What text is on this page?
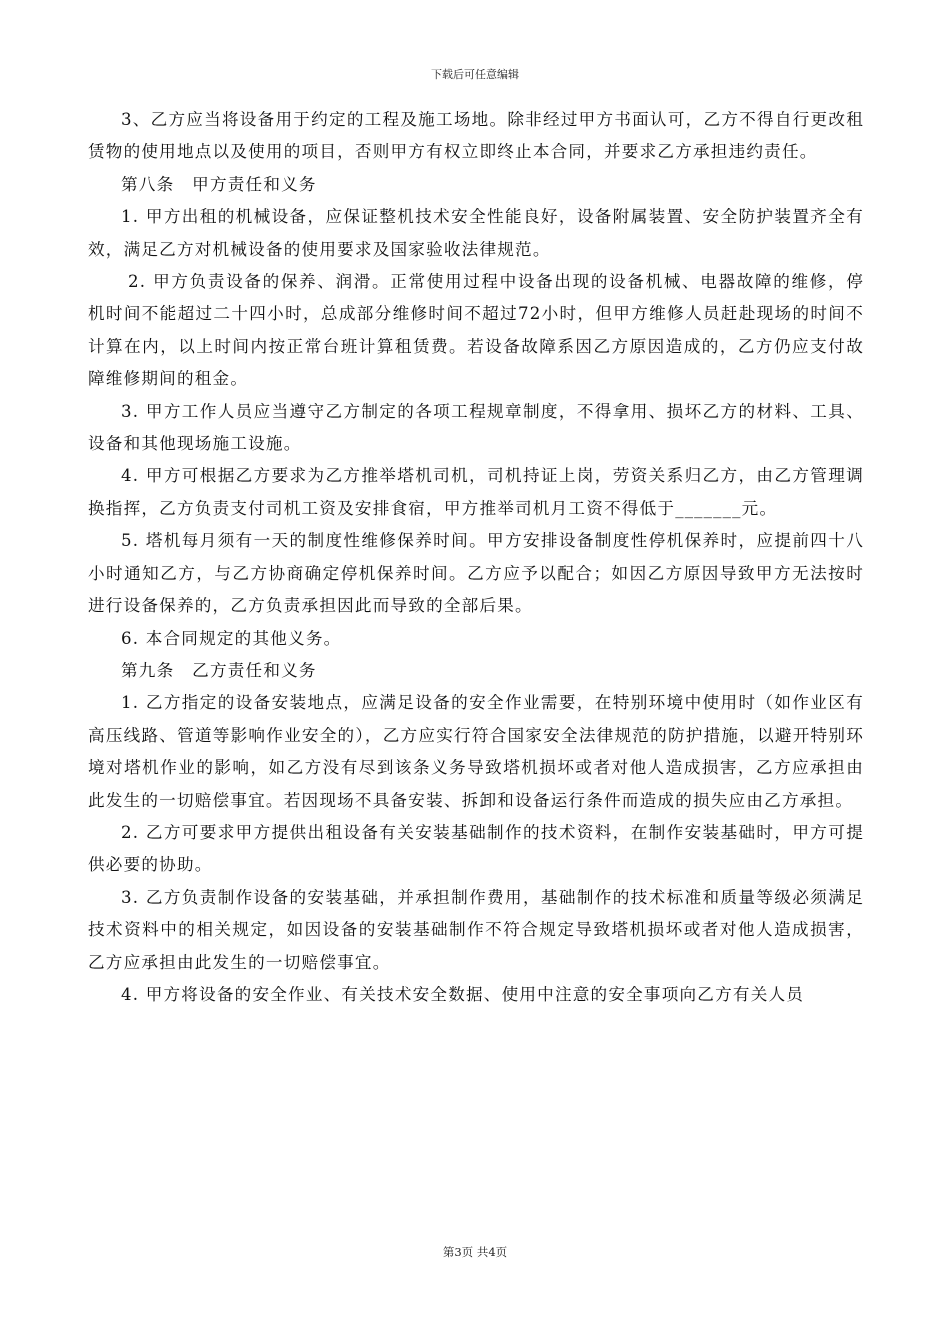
下载后可任意编辑

3、乙方应当将设备用于约定的工程及施工场地。除非经过甲方书面认可，乙方不得自行更改租赁物的使用地点以及使用的项目，否则甲方有权立即终止本合同，并要求乙方承担违约责任。

第八条　甲方责任和义务

1. 甲方出租的机械设备，应保证整机技术安全性能良好，设备附属装置、安全防护装置齐全有效，满足乙方对机械设备的使用要求及国家验收法律规范。

2. 甲方负责设备的保养、润滑。正常使用过程中设备出现的设备机械、电器故障的维修，停机时间不能超过二十四小时，总成部分维修时间不超过72小时，但甲方维修人员赶赴现场的时间不计算在内，以上时间内按正常台班计算租赁费。若设备故障系因乙方原因造成的，乙方仍应支付故障维修期间的租金。

3. 甲方工作人员应当遵守乙方制定的各项工程规章制度，不得拿用、损坏乙方的材料、工具、设备和其他现场施工设施。

4. 甲方可根据乙方要求为乙方推举塔机司机，司机持证上岗，劳资关系归乙方，由乙方管理调换指挥，乙方负责支付司机工资及安排食宿，甲方推举司机月工资不得低于_______元。

5. 塔机每月须有一天的制度性维修保养时间。甲方安排设备制度性停机保养时，应提前四十八小时通知乙方，与乙方协商确定停机保养时间。乙方应予以配合；如因乙方原因导致甲方无法按时进行设备保养的，乙方负责承担因此而导致的全部后果。

6. 本合同规定的其他义务。

第九条　乙方责任和义务

1. 乙方指定的设备安装地点，应满足设备的安全作业需要，在特别环境中使用时（如作业区有高压线路、管道等影响作业安全的），乙方应实行符合国家安全法律规范的防护措施，以避开特别环境对塔机作业的影响，如乙方没有尽到该条义务导致塔机损坏或者对他人造成损害，乙方应承担由此发生的一切赔偿事宜。若因现场不具备安装、拆卸和设备运行条件而造成的损失应由乙方承担。

2. 乙方可要求甲方提供出租设备有关安装基础制作的技术资料，在制作安装基础时，甲方可提供必要的协助。

3. 乙方负责制作设备的安装基础，并承担制作费用，基础制作的技术标准和质量等级必须满足技术资料中的相关规定，如因设备的安装基础制作不符合规定导致塔机损坏或者对他人造成损害，乙方应承担由此发生的一切赔偿事宜。

4. 甲方将设备的安全作业、有关技术安全数据、使用中注意的安全事项向乙方有关人员

第3页 共4页
